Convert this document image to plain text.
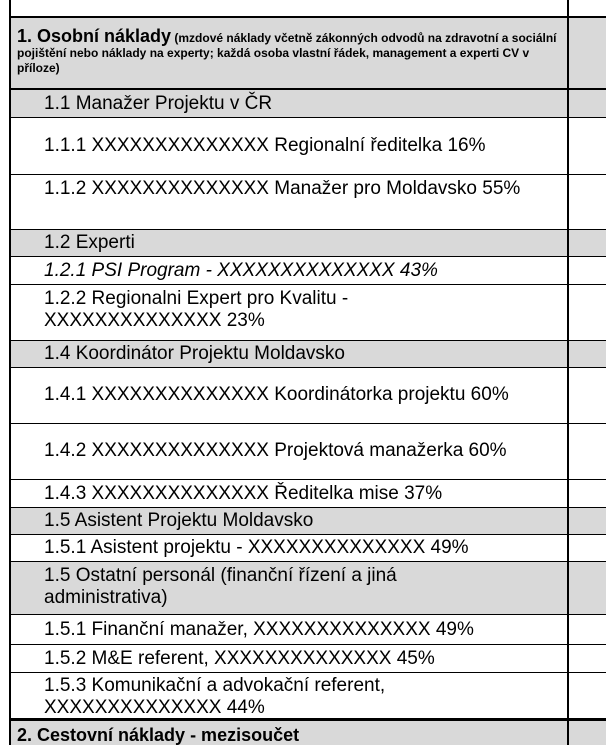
1. Osobní náklady (mzdové náklady včetně zákonných odvodů na zdravotní a sociální pojištění nebo náklady na experty; každá osoba vlastní řádek, management a experti CV v příloze)
1.1 Manažer Projektu v ČR
1.1.1 XXXXXXXXXXXXXX Regionalní ředitelka 16%
1.1.2 XXXXXXXXXXXXXX Manažer pro Moldavsko 55%
1.2 Experti
1.2.1 PSI Program - XXXXXXXXXXXXXX 43%
1.2.2 Regionalni Expert pro Kvalitu - XXXXXXXXXXXXXX 23%
1.4 Koordinátor Projektu Moldavsko
1.4.1 XXXXXXXXXXXXXX Koordinátorka projektu 60%
1.4.2 XXXXXXXXXXXXXX Projektová manažerka 60%
1.4.3 XXXXXXXXXXXXXX Ředitelka mise 37%
1.5 Asistent Projektu Moldavsko
1.5.1 Asistent projektu - XXXXXXXXXXXXXX 49%
1.5 Ostatní personál (finanční řízení a jiná administrativa)
1.5.1 Finanční manažer, XXXXXXXXXXXXXX 49%
1.5.2 M&E referent, XXXXXXXXXXXXXX 45%
1.5.3 Komunikační a advokační referent, XXXXXXXXXXXXXX 44%
2. Cestovní náklady - mezisoučet
